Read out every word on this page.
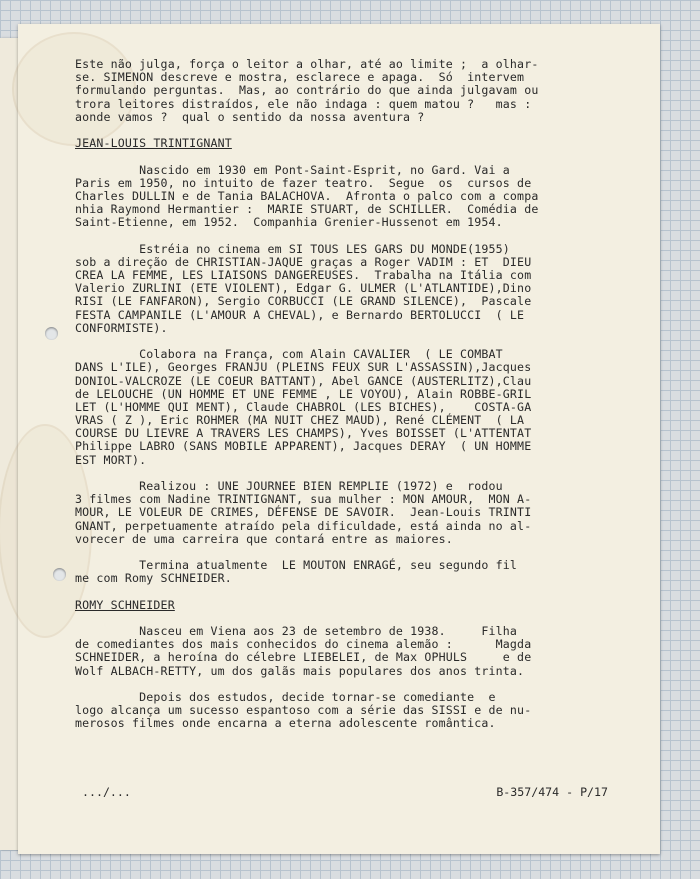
Este não julga, força o leitor a olhar, até ao limite ;  a olhar-
se. SIMENON descreve e mostra, esclarece e apaga.  Só  intervem
formulando perguntas.  Mas, ao contrário do que ainda julgavam ou
trora leitores distraídos, ele não indaga : quem matou ?   mas :
aonde vamos ?  qual o sentido da nossa aventura ?
JEAN-LOUIS TRINTIGNANT
Nascido em 1930 em Pont-Saint-Esprit, no Gard. Vai a
Paris em 1950, no intuito de fazer teatro.  Segue  os  cursos de
Charles DULLIN e de Tania BALACHOVA.  Afronta o palco com a compa
nhia Raymond Hermantier :  MARIE STUART, de SCHILLER.  Comédia de
Saint-Etienne, em 1952.  Companhia Grenier-Hussenot em 1954.
Estréia no cinema em SI TOUS LES GARS DU MONDE(1955)
sob a direção de CHRISTIAN-JAQUE graças a Roger VADIM : ET  DIEU
CREA LA FEMME, LES LIAISONS DANGEREUSES.  Trabalha na Itália com
Valerio ZURLINI (ETE VIOLENT), Edgar G. ULMER (L'ATLANTIDE),Dino
RISI (LE FANFARON), Sergio CORBUCCI (LE GRAND SILENCE),  Pascale
FESTA CAMPANILE (L'AMOUR A CHEVAL), e Bernardo BERTOLUCCI  ( LE
CONFORMISTE).
Colabora na França, com Alain CAVALIER  ( LE COMBAT
DANS L'ILE), Georges FRANJU (PLEINS FEUX SUR L'ASSASSIN),Jacques
DONIOL-VALCROZE (LE COEUR BATTANT), Abel GANCE (AUSTERLITZ),Clau
de LELOUCHE (UN HOMME ET UNE FEMME , LE VOYOU), Alain ROBBE-GRIL
LET (L'HOMME QUI MENT), Claude CHABROL (LES BICHES),    COSTA-GA
VRAS ( Z ), Eric ROHMER (MA NUIT CHEZ MAUD), René CLÉMENT  ( LA
COURSE DU LIEVRE A TRAVERS LES CHAMPS), Yves BOISSET (L'ATTENTAT
Philippe LABRO (SANS MOBILE APPARENT), Jacques DERAY  ( UN HOMME
EST MORT).
Realizou : UNE JOURNEE BIEN REMPLIE (1972) e  rodou
3 filmes com Nadine TRINTIGNANT, sua mulher : MON AMOUR,  MON A-
MOUR, LE VOLEUR DE CRIMES, DÉFENSE DE SAVOIR.  Jean-Louis TRINTI
GNANT, perpetuamente atraído pela dificuldade, está ainda no al-
vorecer de uma carreira que contará entre as maiores.
Termina atualmente  LE MOUTON ENRAGÉ, seu segundo fil
me com Romy SCHNEIDER.
ROMY SCHNEIDER
Nasceu em Viena aos 23 de setembro de 1938.     Filha
de comediantes dos mais conhecidos do cinema alemão :      Magda
SCHNEIDER, a heroína do célebre LIEBELEI, de Max OPHULS     e de
Wolf ALBACH-RETTY, um dos galãs mais populares dos anos trinta.
Depois dos estudos, decide tornar-se comediante  e
logo alcança um sucesso espantoso com a série das SISSI e de nu-
merosos filmes onde encarna a eterna adolescente romântica.
.../...	B-357/474 - P/17
